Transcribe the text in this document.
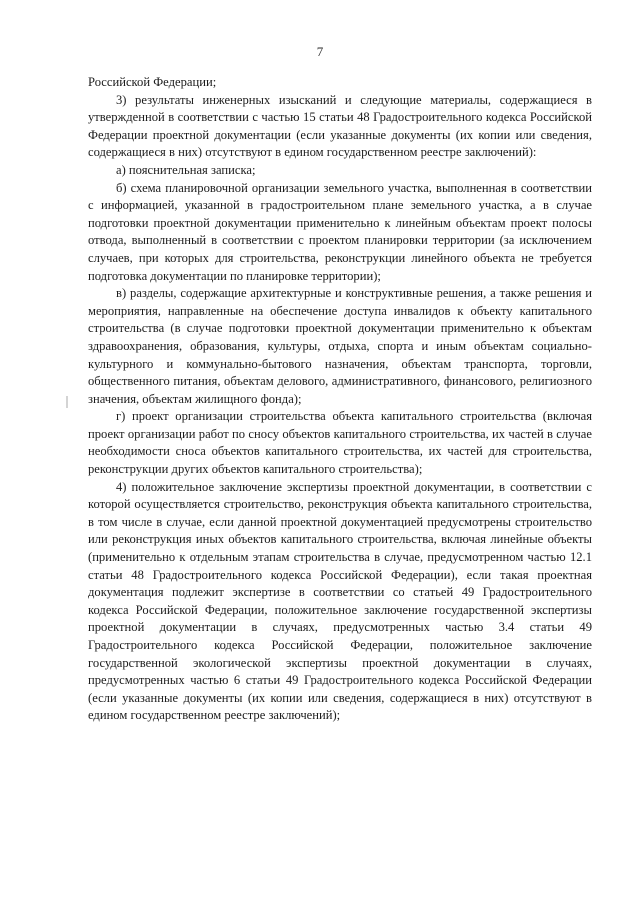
7

Российской Федерации;

3) результаты инженерных изысканий и следующие материалы, содержащиеся в утвержденной в соответствии с частью 15 статьи 48 Градостроительного кодекса Российской Федерации проектной документации (если указанные документы (их копии или сведения, содержащиеся в них) отсутствуют в едином государственном реестре заключений):

а) пояснительная записка;

б) схема планировочной организации земельного участка, выполненная в соответствии с информацией, указанной в градостроительном плане земельного участка, а в случае подготовки проектной документации применительно к линейным объектам проект полосы отвода, выполненный в соответствии с проектом планировки территории (за исключением случаев, при которых для строительства, реконструкции линейного объекта не требуется подготовка документации по планировке территории);

в) разделы, содержащие архитектурные и конструктивные решения, а также решения и мероприятия, направленные на обеспечение доступа инвалидов к объекту капитального строительства (в случае подготовки проектной документации применительно к объектам здравоохранения, образования, культуры, отдыха, спорта и иным объектам социально-культурного и коммунально-бытового назначения, объектам транспорта, торговли, общественного питания, объектам делового, административного, финансового, религиозного значения, объектам жилищного фонда);

г) проект организации строительства объекта капитального строительства (включая проект организации работ по сносу объектов капитального строительства, их частей в случае необходимости сноса объектов капитального строительства, их частей для строительства, реконструкции других объектов капитального строительства);

4) положительное заключение экспертизы проектной документации, в соответствии с которой осуществляется строительство, реконструкция объекта капитального строительства, в том числе в случае, если данной проектной документацией предусмотрены строительство или реконструкция иных объектов капитального строительства, включая линейные объекты (применительно к отдельным этапам строительства в случае, предусмотренном частью 12.1 статьи 48 Градостроительного кодекса Российской Федерации), если такая проектная документация подлежит экспертизе в соответствии со статьей 49 Градостроительного кодекса Российской Федерации, положительное заключение государственной экспертизы проектной документации в случаях, предусмотренных частью 3.4 статьи 49 Градостроительного кодекса Российской Федерации, положительное заключение государственной экологической экспертизы проектной документации в случаях, предусмотренных частью 6 статьи 49 Градостроительного кодекса Российской Федерации (если указанные документы (их копии или сведения, содержащиеся в них) отсутствуют в едином государственном реестре заключений);
